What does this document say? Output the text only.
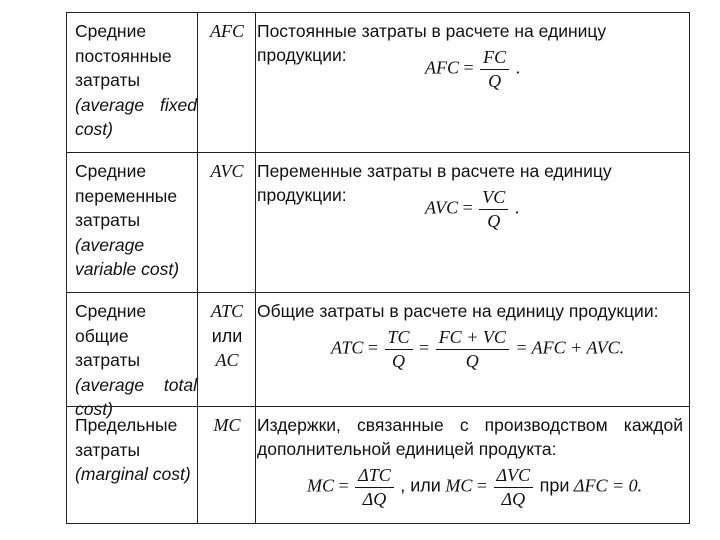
Средние
постоянные
затраты
(average fixed
cost)
AFC Постоянные затраты в расчете на единицу продукции:
AFC = $\frac{FC}{Q}$ .
Средние
переменные
затраты
(average
variable cost)
AVC Переменные затраты в расчете на единицу продукции:
AVC = $\frac{VC}{Q}$ .
Средние
общие затраты
(average total
cost)
ATC
или
AC
Общие затраты в расчете на единицу продукции:
ATC = $\frac{TC}{Q} = \frac{FC + VC}{Q}$ = AFC + AVC.
Предельные
затраты
(marginal cost)
MC Издержки, связанные с производством каждой дополнительной единицей продукта:
MC = $\frac{\text{ΔTC}}{\Delta Q}$ , или MC = $\frac{\text{ΔVC}}{\Delta Q}$ при ΔFC = 0.
